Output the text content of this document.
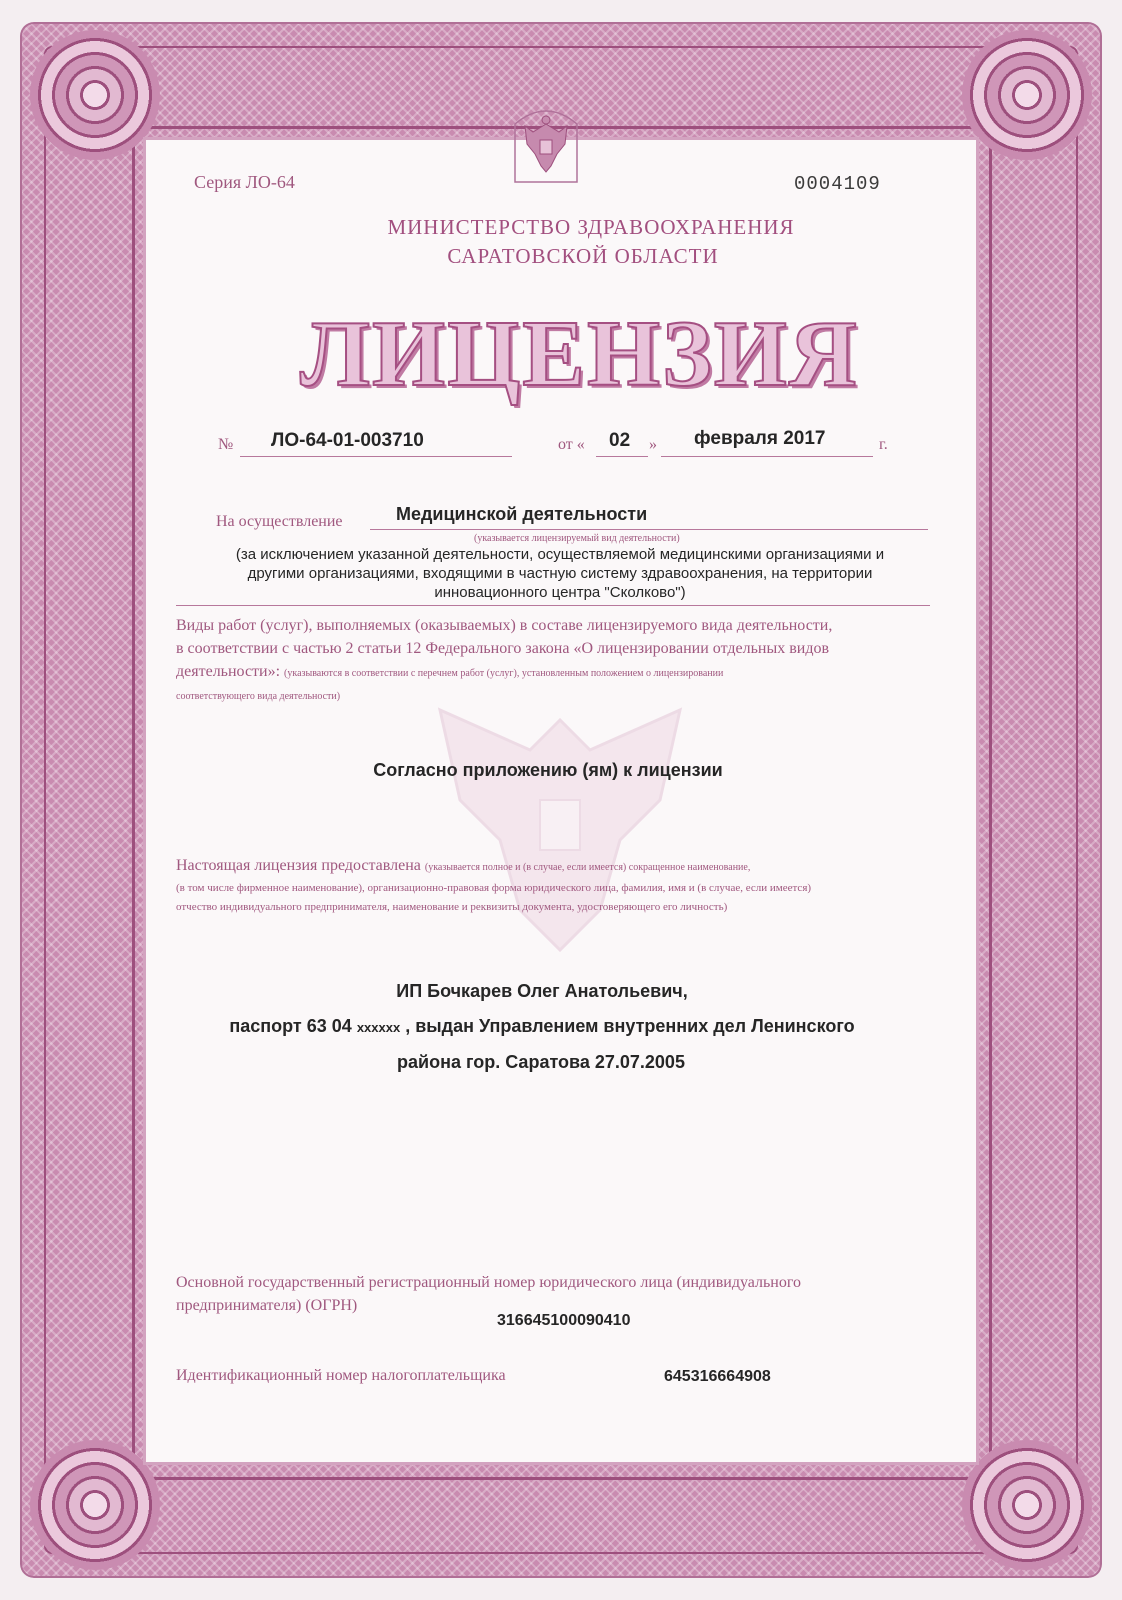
Серия ЛО-64	0004109
МИНИСТЕРСТВО ЗДРАВООХРАНЕНИЯ
САРАТОВСКОЙ ОБЛАСТИ
ЛИЦЕНЗИЯ
№ ЛО-64-01-003710	от « 02 » февраля 2017	г.
На осуществление	Медицинской деятельности
(указывается лицензируемый вид деятельности)
(за исключением указанной деятельности, осуществляемой медицинскими организациями и
другими организациями, входящими в частную систему здравоохранения, на территории
инновационного центра "Сколково")
Виды работ (услуг), выполняемых (оказываемых) в составе лицензируемого вида деятельности,
в соответствии с частью 2 статьи 12 Федерального закона «О лицензировании отдельных видов
деятельности»: (указываются в соответствии с перечнем работ (услуг), установленным положением о лицензировании
соответствующего вида деятельности)
Согласно приложению (ям) к лицензии
Настоящая лицензия предоставлена (указывается полное и (в случае, если имеется) сокращенное наименование,
(в том числе фирменное наименование), организационно-правовая форма юридического лица, фамилия, имя и (в случае, если имеется)
отчество индивидуального предпринимателя, наименование и реквизиты документа, удостоверяющего его личность)
ИП Бочкарев Олег Анатольевич,
паспорт 63 04 xxxxxx , выдан Управлением внутренних дел Ленинского
района гор. Саратова 27.07.2005
Основной государственный регистрационный номер юридического лица (индивидуального
предпринимателя) (ОГРН)
316645100090410
Идентификационный номер налогоплательщика	645316664908
